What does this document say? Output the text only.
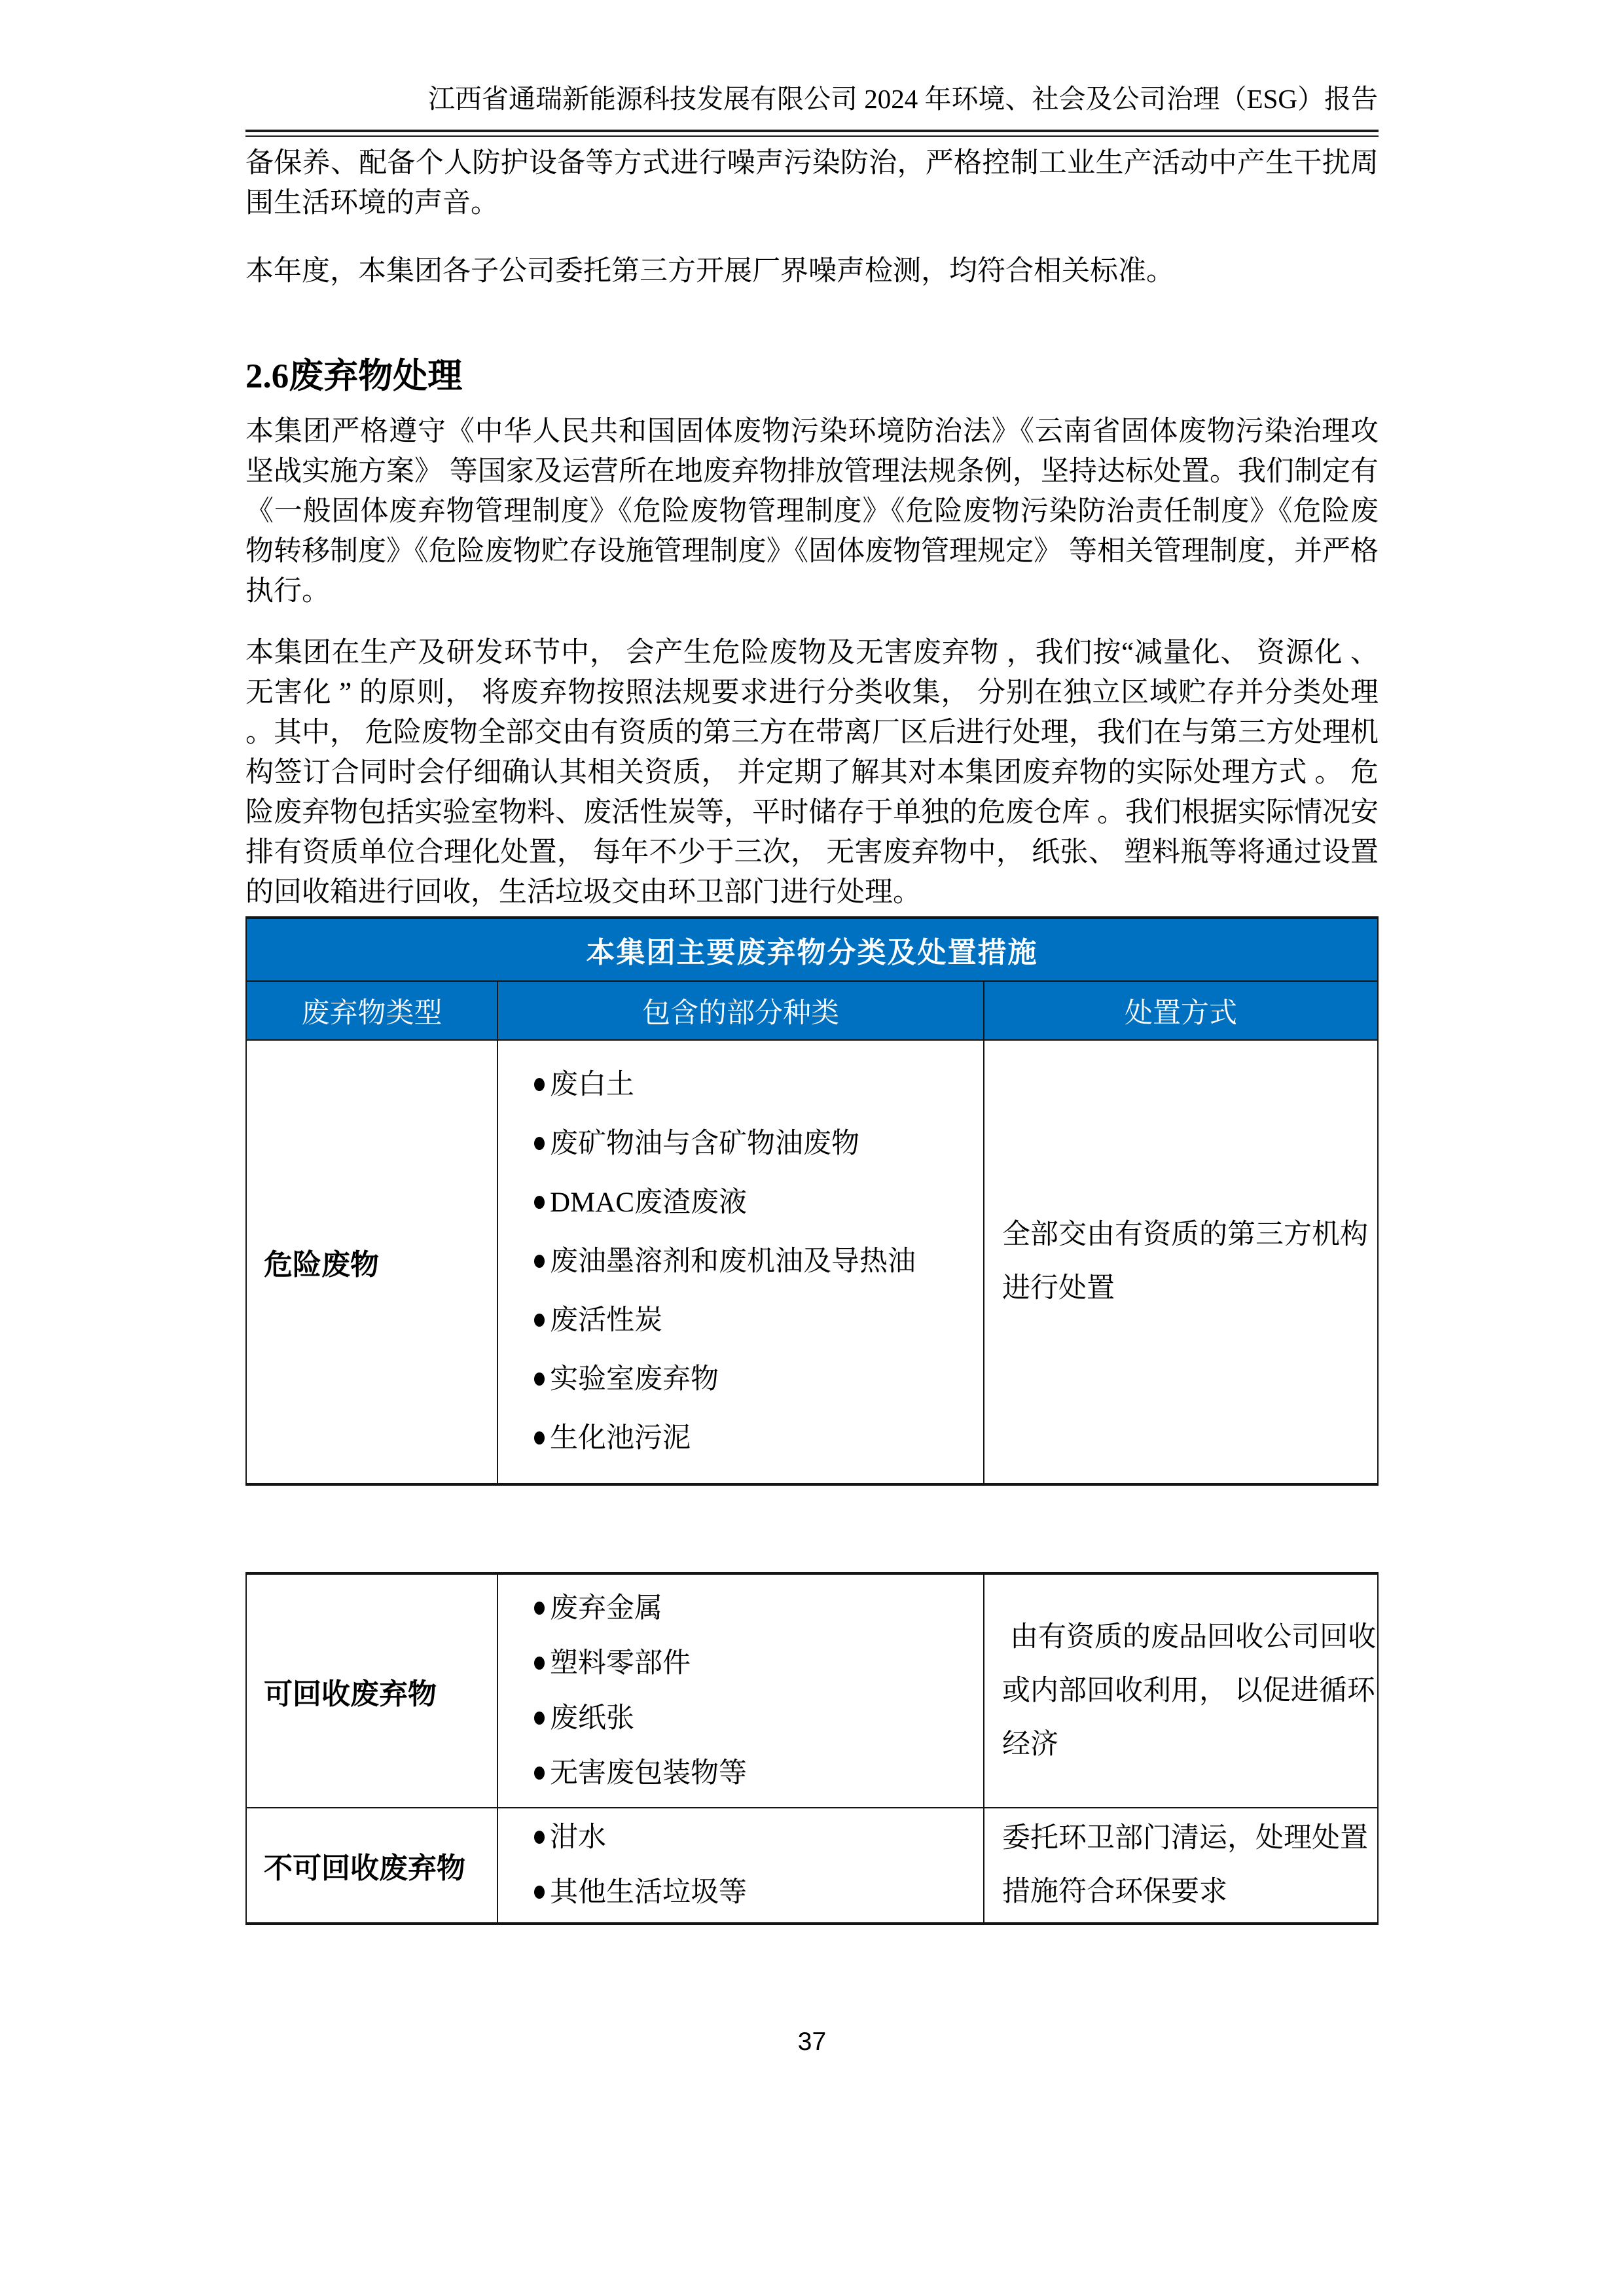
江西省通瑞新能源科技发展有限公司 2024 年环境、社会及公司治理（ESG）报告
备保养、配备个人防护设备等方式进行噪声污染防治，严格控制工业生产活动中产生干扰周围生活环境的声音。
本年度，本集团各子公司委托第三方开展厂界噪声检测，均符合相关标准。
2.6废弃物处理
本集团严格遵守《中华人民共和国固体废物污染环境防治法》《云南省固体废物污染治理攻坚战实施方案》 等国家及运营所在地废弃物排放管理法规条例，坚持达标处置。我们制定有《一般固体废弃物管理制度》《危险废物管理制度》《危险废物污染防治责任制度》《危险废物转移制度》《危险废物贮存设施管理制度》《固体废物管理规定》 等相关管理制度，并严格执行。
本集团在生产及研发环节中， 会产生危险废物及无害废弃物 ，我们按“减量化、 资源化 、无害化 ” 的原则， 将废弃物按照法规要求进行分类收集， 分别在独立区域贮存并分类处理 。其中， 危险废物全部交由有资质的第三方在带离厂区后进行处理，我们在与第三方处理机构签订合同时会仔细确认其相关资质， 并定期了解其对本集团废弃物的实际处理方式 。 危险废弃物包括实验室物料、废活性炭等，平时储存于单独的危废仓库 。我们根据实际情况安排有资质单位合理化处置， 每年不少于三次， 无害废弃物中， 纸张、 塑料瓶等将通过设置的回收箱进行回收，生活垃圾交由环卫部门进行处理。
本集团主要废弃物分类及处置措施
废弃物类型	包含的部分种类	处置方式
危险废物
废白土
废矿物油与含矿物油废物
DMAC废渣废液
废油墨溶剂和废机油及导热油
废活性炭
实验室废弃物
生化池污泥
全部交由有资质的第三方机构进行处置
可回收废弃物
废弃金属
塑料零部件
废纸张
无害废包装物等
由有资质的废品回收公司回收或内部回收利用， 以促进循环经济
不可回收废弃物
泔水
其他生活垃圾等
委托环卫部门清运，处理处置措施符合环保要求
37
